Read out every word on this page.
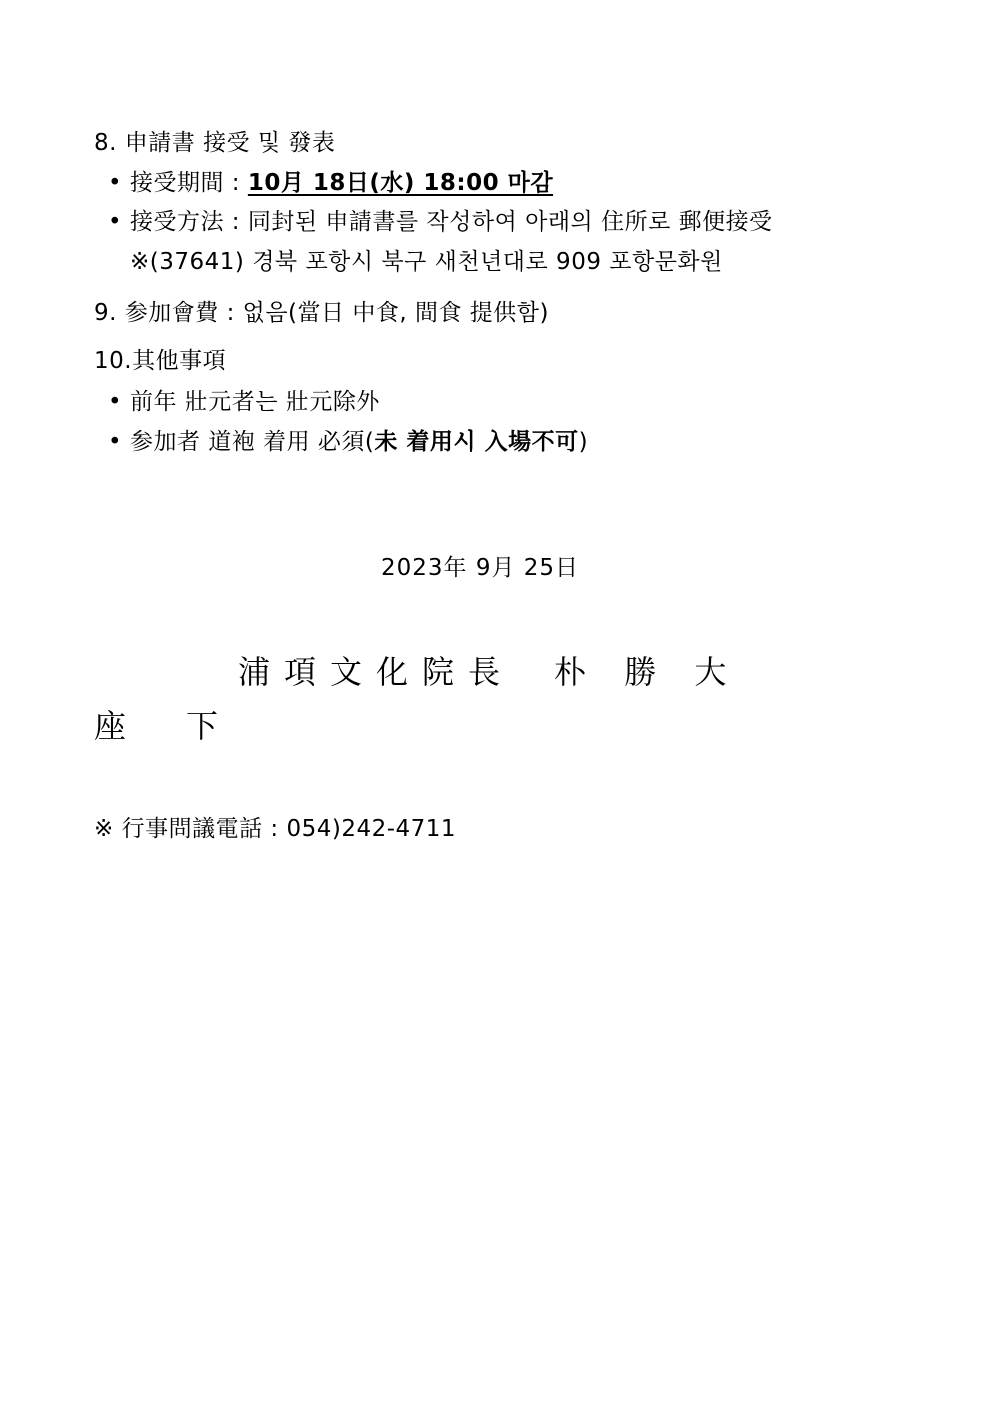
8. 申請書 接受 및 發表
• 接受期間 : 10月 18日(水) 18:00 마감
• 接受方法 : 同封된 申請書를 작성하여 아래의 住所로 郵便接受
※(37641) 경북 포항시 북구 새천년대로 909 포항문화원
9. 参加會費 : 없음(當日 中食, 間食 提供함)
10.其他事項
• 前年 壯元者는 壯元除外
• 参加者 道袍 着用 必須(未 着用시 入場不可)
2023年 9月 25日
浦項文化院長 朴 勝 大
座下
※ 行事問議電話 : 054)242-4711
